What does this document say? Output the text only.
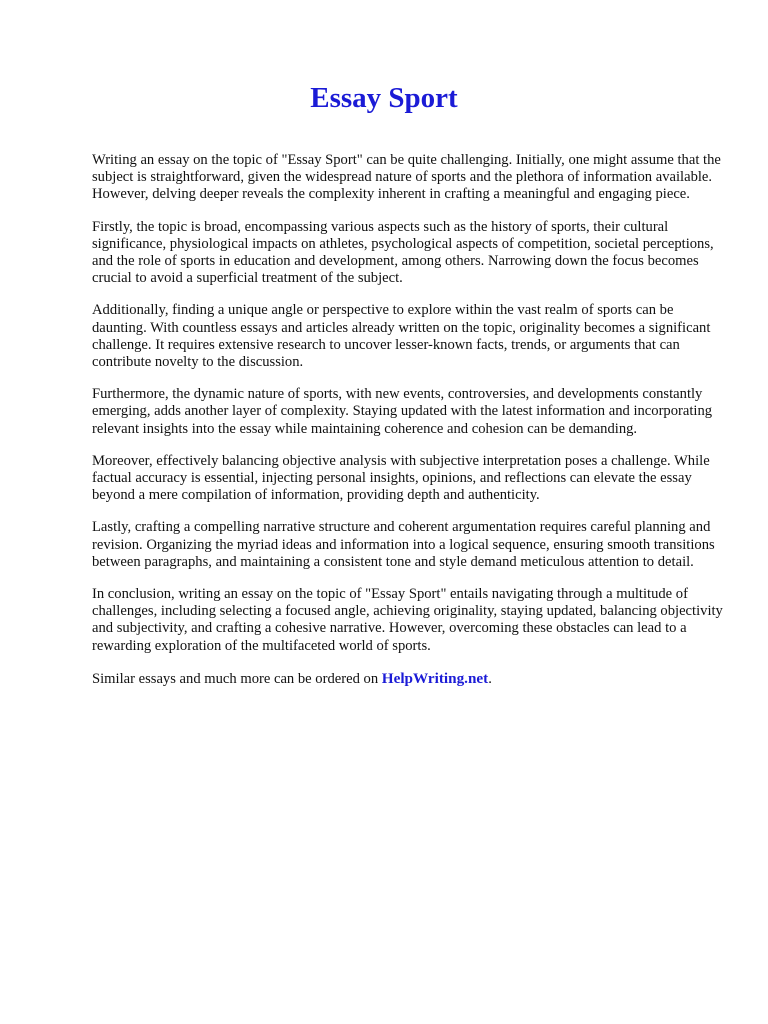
Essay Sport

Writing an essay on the topic of "Essay Sport" can be quite challenging. Initially, one might assume that the subject is straightforward, given the widespread nature of sports and the plethora of information available. However, delving deeper reveals the complexity inherent in crafting a meaningful and engaging piece.

Firstly, the topic is broad, encompassing various aspects such as the history of sports, their cultural significance, physiological impacts on athletes, psychological aspects of competition, societal perceptions, and the role of sports in education and development, among others. Narrowing down the focus becomes crucial to avoid a superficial treatment of the subject.

Additionally, finding a unique angle or perspective to explore within the vast realm of sports can be daunting. With countless essays and articles already written on the topic, originality becomes a significant challenge. It requires extensive research to uncover lesser-known facts, trends, or arguments that can contribute novelty to the discussion.

Furthermore, the dynamic nature of sports, with new events, controversies, and developments constantly emerging, adds another layer of complexity. Staying updated with the latest information and incorporating relevant insights into the essay while maintaining coherence and cohesion can be demanding.

Moreover, effectively balancing objective analysis with subjective interpretation poses a challenge. While factual accuracy is essential, injecting personal insights, opinions, and reflections can elevate the essay beyond a mere compilation of information, providing depth and authenticity.

Lastly, crafting a compelling narrative structure and coherent argumentation requires careful planning and revision. Organizing the myriad ideas and information into a logical sequence, ensuring smooth transitions between paragraphs, and maintaining a consistent tone and style demand meticulous attention to detail.

In conclusion, writing an essay on the topic of "Essay Sport" entails navigating through a multitude of challenges, including selecting a focused angle, achieving originality, staying updated, balancing objectivity and subjectivity, and crafting a cohesive narrative. However, overcoming these obstacles can lead to a rewarding exploration of the multifaceted world of sports.

Similar essays and much more can be ordered on HelpWriting.net.
